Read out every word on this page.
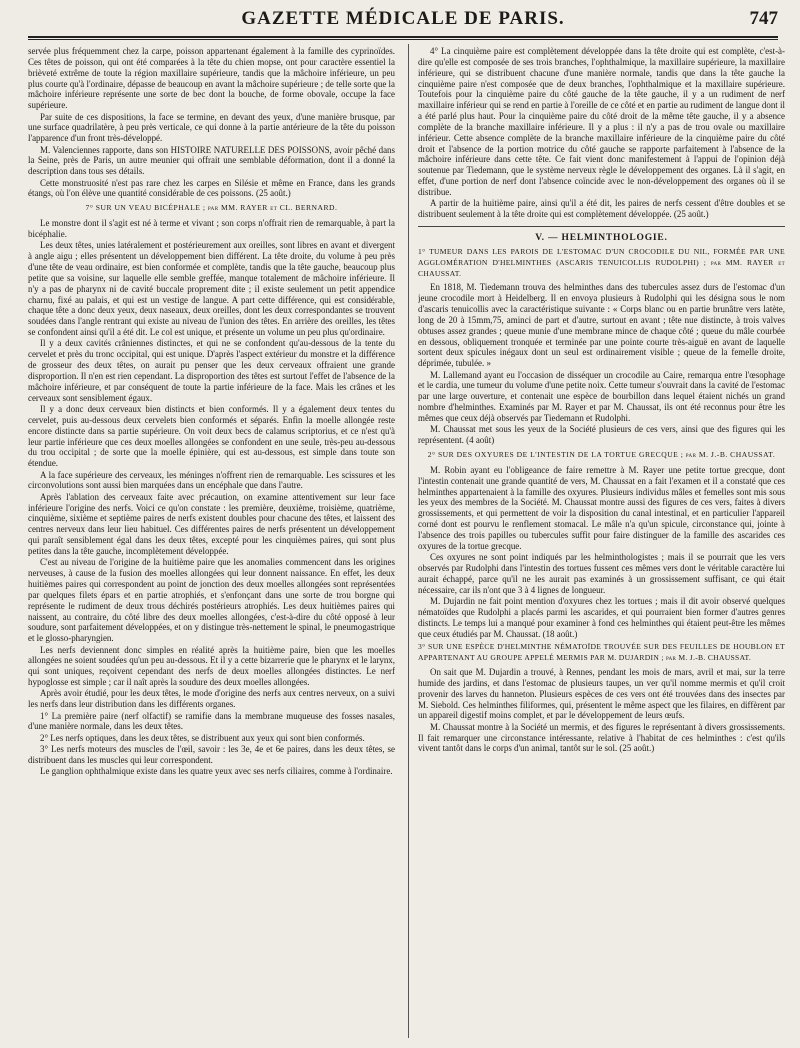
GAZETTE MÉDICALE DE PARIS.	747

servée plus fréquemment chez la carpe, poisson appartenant également à la famille des cyprinoïdes. Ces têtes de poisson, qui ont été comparées à la tête du chien mopse, ont pour caractère essentiel la brièveté extrême de toute la région maxillaire supérieure, tandis que la mâchoire inférieure, un peu plus courte qu'à l'ordinaire, dépasse de beaucoup en avant la mâchoire supérieure ; de telle sorte que la mâchoire inférieure représente une sorte de bec dont la bouche, de forme obovale, occupe la face supérieure.

Par suite de ces dispositions, la face se termine, en devant des yeux, d'une manière brusque, par une surface quadrilatère, à peu près verticale, ce qui donne à la partie antérieure de la tête du poisson l'apparence d'un front très-développé.

M. Valenciennes rapporte, dans son HISTOIRE NATURELLE DES POISSONS, avoir pêché dans la Seine, près de Paris, un autre meunier qui offrait une semblable déformation, dont il a donné la description dans tous ses détails.

Cette monstruosité n'est pas rare chez les carpes en Silésie et même en France, dans les grands étangs, où l'on élève une quantité considérable de ces poissons. (25 août.)

7° SUR UN VEAU BICÉPHALE ; par MM. RAYER et CL. BERNARD.

Le monstre dont il s'agit est né à terme et vivant ; son corps n'offrait rien de remarquable, à part la bicéphalie.

Les deux têtes, unies latéralement et postérieurement aux oreilles, sont libres en avant et divergent à angle aigu ; elles présentent un développement bien différent. La tête droite, du volume à peu près d'une tête de veau ordinaire, est bien conformée et complète, tandis que la tête gauche, beaucoup plus petite que sa voisine, sur laquelle elle semble greffée, manque totalement de mâchoire inférieure. Il n'y a pas de pharynx ni de cavité buccale proprement dite ; il existe seulement un petit appendice charnu, fixé au palais, et qui est un vestige de langue. A part cette différence, qui est considérable, chaque tête a donc deux yeux, deux naseaux, deux oreilles, dont les deux correspondantes se trouvent soudées dans l'angle rentrant qui existe au niveau de l'union des têtes. En arrière des oreilles, les têtes se confondent ainsi qu'il a été dit. Le col est unique, et présente un volume un peu plus qu'ordinaire.

Il y a deux cavités crâniennes distinctes, et qui ne se confondent qu'au-dessous de la tente du cervelet et près du tronc occipital, qui est unique. D'après l'aspect extérieur du monstre et la différence de grosseur des deux têtes, on aurait pu penser que les deux cerveaux offraient une grande disproportion. Il n'en est rien cependant. La disproportion des têtes est surtout l'effet de l'absence de la mâchoire inférieure, et par conséquent de toute la partie inférieure de la face. Mais les crânes et les cerveaux sont sensiblement égaux.

Il y a donc deux cerveaux bien distincts et bien conformés. Il y a également deux tentes du cervelet, puis au-dessous deux cervelets bien conformés et séparés. Enfin la moelle allongée reste encore distincte dans sa partie supérieure. On voit deux becs de calamus scriptorius, et ce n'est qu'à leur partie inférieure que ces deux moelles allongées se confondent en une seule, très-peu au-dessous du trou occipital ; de sorte que la moelle épinière, qui est au-dessous, est simple dans toute son étendue.

A la face supérieure des cerveaux, les méninges n'offrent rien de remarquable. Les scissures et les circonvolutions sont aussi bien marquées dans un encéphale que dans l'autre.

Après l'ablation des cerveaux faite avec précaution, on examine attentivement sur leur face inférieure l'origine des nerfs. Voici ce qu'on constate : les première, deuxième, troisième, quatrième, cinquième, sixième et septième paires de nerfs existent doubles pour chacune des têtes, et laissent des centres nerveux dans leur lieu habituel. Ces différentes paires de nerfs présentent un développement qui paraît sensiblement égal dans les deux têtes, excepté pour les cinquièmes paires, qui sont plus petites dans la tête gauche, incomplètement développée.

C'est au niveau de l'origine de la huitième paire que les anomalies commencent dans les origines nerveuses, à cause de la fusion des moelles allongées qui leur donnent naissance. En effet, les deux huitièmes paires qui correspondent au point de jonction des deux moelles allongées sont représentées par quelques filets épars et en partie atrophiés, et s'enfonçant dans une sorte de trou borgne qui représente le rudiment de deux trous déchirés postérieurs atrophiés. Les deux huitièmes paires qui naissent, au contraire, du côté libre des deux moelles allongées, c'est-à-dire du côté opposé à leur soudure, sont parfaitement développées, et on y distingue très-nettement le spinal, le pneumogastrique et le glosso-pharyngien.

Les nerfs deviennent donc simples en réalité après la huitième paire, bien que les moelles allongées ne soient soudées qu'un peu au-dessous. Et il y a cette bizarrerie que le pharynx et le larynx, qui sont uniques, reçoivent cependant des nerfs de deux moelles allongées distinctes. Le nerf hypoglosse est simple ; car il naît après la soudure des deux moelles allongées.

Après avoir étudié, pour les deux têtes, le mode d'origine des nerfs aux centres nerveux, on a suivi les nerfs dans leur distribution dans les différents organes.

1° La première paire (nerf olfactif) se ramifie dans la membrane muqueuse des fosses nasales, d'une manière normale, dans les deux têtes.

2° Les nerfs optiques, dans les deux têtes, se distribuent aux yeux qui sont bien conformés.

3° Les nerfs moteurs des muscles de l'œil, savoir : les 3e, 4e et 6e paires, dans les deux têtes, se distribuent dans les muscles qui leur correspondent.

Le ganglion ophthalmique existe dans les quatre yeux avec ses nerfs ciliaires, comme à l'ordinaire.

4° La cinquième paire est complètement développée dans la tête droite qui est complète, c'est-à-dire qu'elle est composée de ses trois branches, l'ophthalmique, la maxillaire supérieure, la maxillaire inférieure, qui se distribuent chacune d'une manière normale, tandis que dans la tête gauche la cinquième paire n'est composée que de deux branches, l'ophthalmique et la maxillaire supérieure. Toutefois pour la cinquième paire du côté gauche de la tête gauche, il y a un rudiment de nerf maxillaire inférieur qui se rend en partie à l'oreille de ce côté et en partie au rudiment de langue dont il a été parlé plus haut. Pour la cinquième paire du côté droit de la même tête gauche, il y a absence complète de la branche maxillaire inférieure. Il y a plus : il n'y a pas de trou ovale ou maxillaire inférieur. Cette absence complète de la branche maxillaire inférieure de la cinquième paire du côté droit et l'absence de la portion motrice du côté gauche se rapporte parfaitement à l'absence de la mâchoire inférieure dans cette tête. Ce fait vient donc manifestement à l'appui de l'opinion déjà soutenue par Tiedemann, que le système nerveux règle le développement des organes. Là il s'agit, en effet, d'une portion de nerf dont l'absence coïncide avec le non-développement des organes où il se distribue.

A partir de la huitième paire, ainsi qu'il a été dit, les paires de nerfs cessent d'être doubles et se distribuent seulement à la tête droite qui est complètement développée. (25 août.)

V. — HELMINTHOLOGIE.
1° TUMEUR DANS LES PAROIS DE L'ESTOMAC D'UN CROCODILE DU NIL, FORMÉE PAR UNE AGGLOMÉRATION D'HELMINTHES (ASCARIS TENUICOLLIS RUDOLPHI) ; par MM. RAYER et CHAUSSAT.

En 1818, M. Tiedemann trouva des helminthes dans des tubercules assez durs de l'estomac d'un jeune crocodile mort à Heidelberg. Il en envoya plusieurs à Rudolphi qui les désigna sous le nom d'ascaris tenuicollis avec la caractéristique suivante : « Corps blanc ou en partie brunâtre vers latète, long de 20 à 15mm,75, aminci de part et d'autre, surtout en avant ; tête nue distincte, à trois valves obtuses assez grandes ; queue munie d'une membrane mince de chaque côté ; queue du mâle courbée en dessous, obliquement tronquée et terminée par une pointe courte très-aiguë en avant de laquelle sortent deux spicules inégaux dont un seul est ordinairement visible ; queue de la femelle droite, déprimée, tubulée. »

M. Lallemand ayant eu l'occasion de disséquer un crocodile au Caire, remarqua entre l'œsophage et le cardia, une tumeur du volume d'une petite noix. Cette tumeur s'ouvrait dans la cavité de l'estomac par une large ouverture, et contenait une espèce de bourbillon dans lequel étaient nichés un grand nombre d'helminthes. Examinés par M. Rayer et par M. Chaussat, ils ont été reconnus pour être les mêmes que ceux déjà observés par Tiedemann et Rudolphi.

M. Chaussat met sous les yeux de la Société plusieurs de ces vers, ainsi que des figures qui les représentent. (4 août)

2° SUR DES OXYURES DE L'INTESTIN DE LA TORTUE GRECQUE ; par M. J.-B. CHAUSSAT.

M. Robin ayant eu l'obligeance de faire remettre à M. Rayer une petite tortue grecque, dont l'intestin contenait une grande quantité de vers, M. Chaussat en a fait l'examen et il a constaté que ces helminthes appartenaient à la famille des oxyures. Plusieurs individus mâles et femelles sont mis sous les yeux des membres de la Société. M. Chaussat montre aussi des figures de ces vers, faites à divers grossissements, et qui permettent de voir la disposition du canal intestinal, et en particulier l'appareil corné dont est pourvu le renflement stomacal. Le mâle n'a qu'un spicule, circonstance qui, jointe à l'absence des trois papilles ou tubercules suffit pour faire distinguer de la famille des ascarides ces oxyures de la tortue grecque.

Ces oxyures ne sont point indiqués par les helminthologistes ; mais il se pourrait que les vers observés par Rudolphi dans l'intestin des tortues fussent ces mêmes vers dont le véritable caractère lui aurait échappé, parce qu'il ne les aurait pas examinés à un grossissement suffisant, ce qui était nécessaire, car ils n'ont que 3 à 4 lignes de longueur.

M. Dujardin ne fait point mention d'oxyures chez les tortues ; mais il dit avoir observé quelques nématoïdes que Rudolphi a placés parmi les ascarides, et qui pourraient bien former d'autres genres distincts. Le temps lui a manqué pour examiner à fond ces helminthes qui étaient peut-être les mêmes que ceux étudiés par M. Chaussat. (18 août.)

3° SUR UNE ESPÈCE D'HELMINTHE NÉMATOÏDE TROUVÉE SUR DES FEUILLES DE HOUBLON ET APPARTENANT AU GROUPE APPELÉ MERMIS PAR M. DUJARDIN ; par M. J.-B. CHAUSSAT.

On sait que M. Dujardin a trouvé, à Rennes, pendant les mois de mars, avril et mai, sur la terre humide des jardins, et dans l'estomac de plusieurs taupes, un ver qu'il nomme mermis et qu'il croit provenir des larves du hanneton. Plusieurs espèces de ces vers ont été trouvées dans des insectes par M. Siebold. Ces helminthes filiformes, qui, présentent le même aspect que les filaires, en diffèrent par un appareil digestif moins complet, et par le développement de leurs œufs.

M. Chaussat montre à la Société un mermis, et des figures le représentant à divers grossissements. Il fait remarquer une circonstance intéressante, relative à l'habitat de ces helminthes : c'est qu'ils vivent tantôt dans le corps d'un animal, tantôt sur le sol. (25 août.)
